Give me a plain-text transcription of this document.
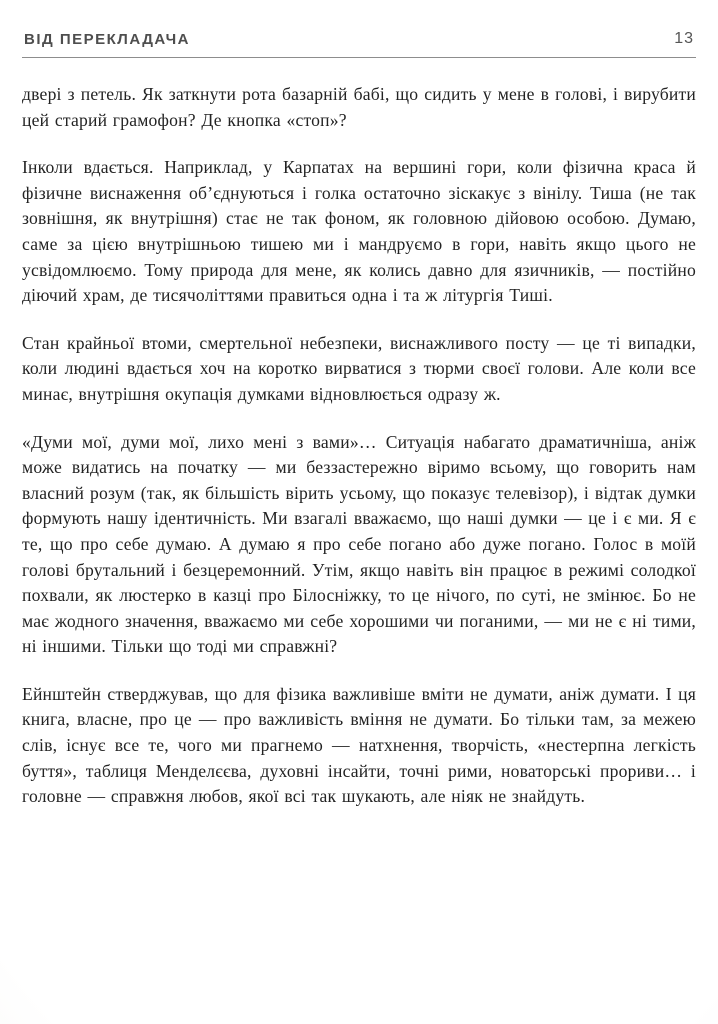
ВІД ПЕРЕКЛАДАЧА	13

двері з петель. Як заткнути рота базарній бабі, що сидить у мене в голові, і вирубити цей старий грамофон? Де кнопка «стоп»?

Інколи вдається. Наприклад, у Карпатах на вершині гори, коли фізична краса й фізичне виснаження об’єднуються і голка остаточно зіскакує з вінілу. Тиша (не так зовнішня, як внутрішня) стає не так фоном, як головною дійовою особою. Думаю, саме за цією внутрішньою тишею ми і мандруємо в гори, навіть якщо цього не усвідомлюємо. Тому природа для мене, як колись давно для язичників, — постійно діючий храм, де тисячоліттями правиться одна і та ж літургія Тиші.

Стан крайньої втоми, смертельної небезпеки, виснажливого посту — це ті випадки, коли людині вдається хоч на коротко вирватися з тюрми своєї голови. Але коли все минає, внутрішня окупація думками відновлюється одразу ж.

«Думи мої, думи мої, лихо мені з вами»… Ситуація набагато драматичніша, аніж може видатись на початку — ми беззастережно віримо всьому, що говорить нам власний розум (так, як більшість вірить усьому, що показує телевізор), і відтак думки формують нашу ідентичність. Ми взагалі вважаємо, що наші думки — це і є ми. Я є те, що про себе думаю. А думаю я про себе погано або дуже погано. Голос в моїй голові брутальний і безцеремонний. Утім, якщо навіть він працює в режимі солодкої похвали, як люстерко в казці про Білосніжку, то це нічого, по суті, не змінює. Бо не має жодного значення, вважаємо ми себе хорошими чи поганими, — ми не є ні тими, ні іншими. Тільки що тоді ми справжні?

Ейнштейн стверджував, що для фізика важливіше вміти не думати, аніж думати. І ця книга, власне, про це — про важливість вміння не думати. Бо тільки там, за межею слів, існує все те, чого ми прагнемо — натхнення, творчість, «нестерпна легкість буття», таблиця Менделєєва, духовні інсайти, точні рими, новаторські прориви… і головне — справжня любов, якої всі так шукають, але ніяк не знайдуть.
